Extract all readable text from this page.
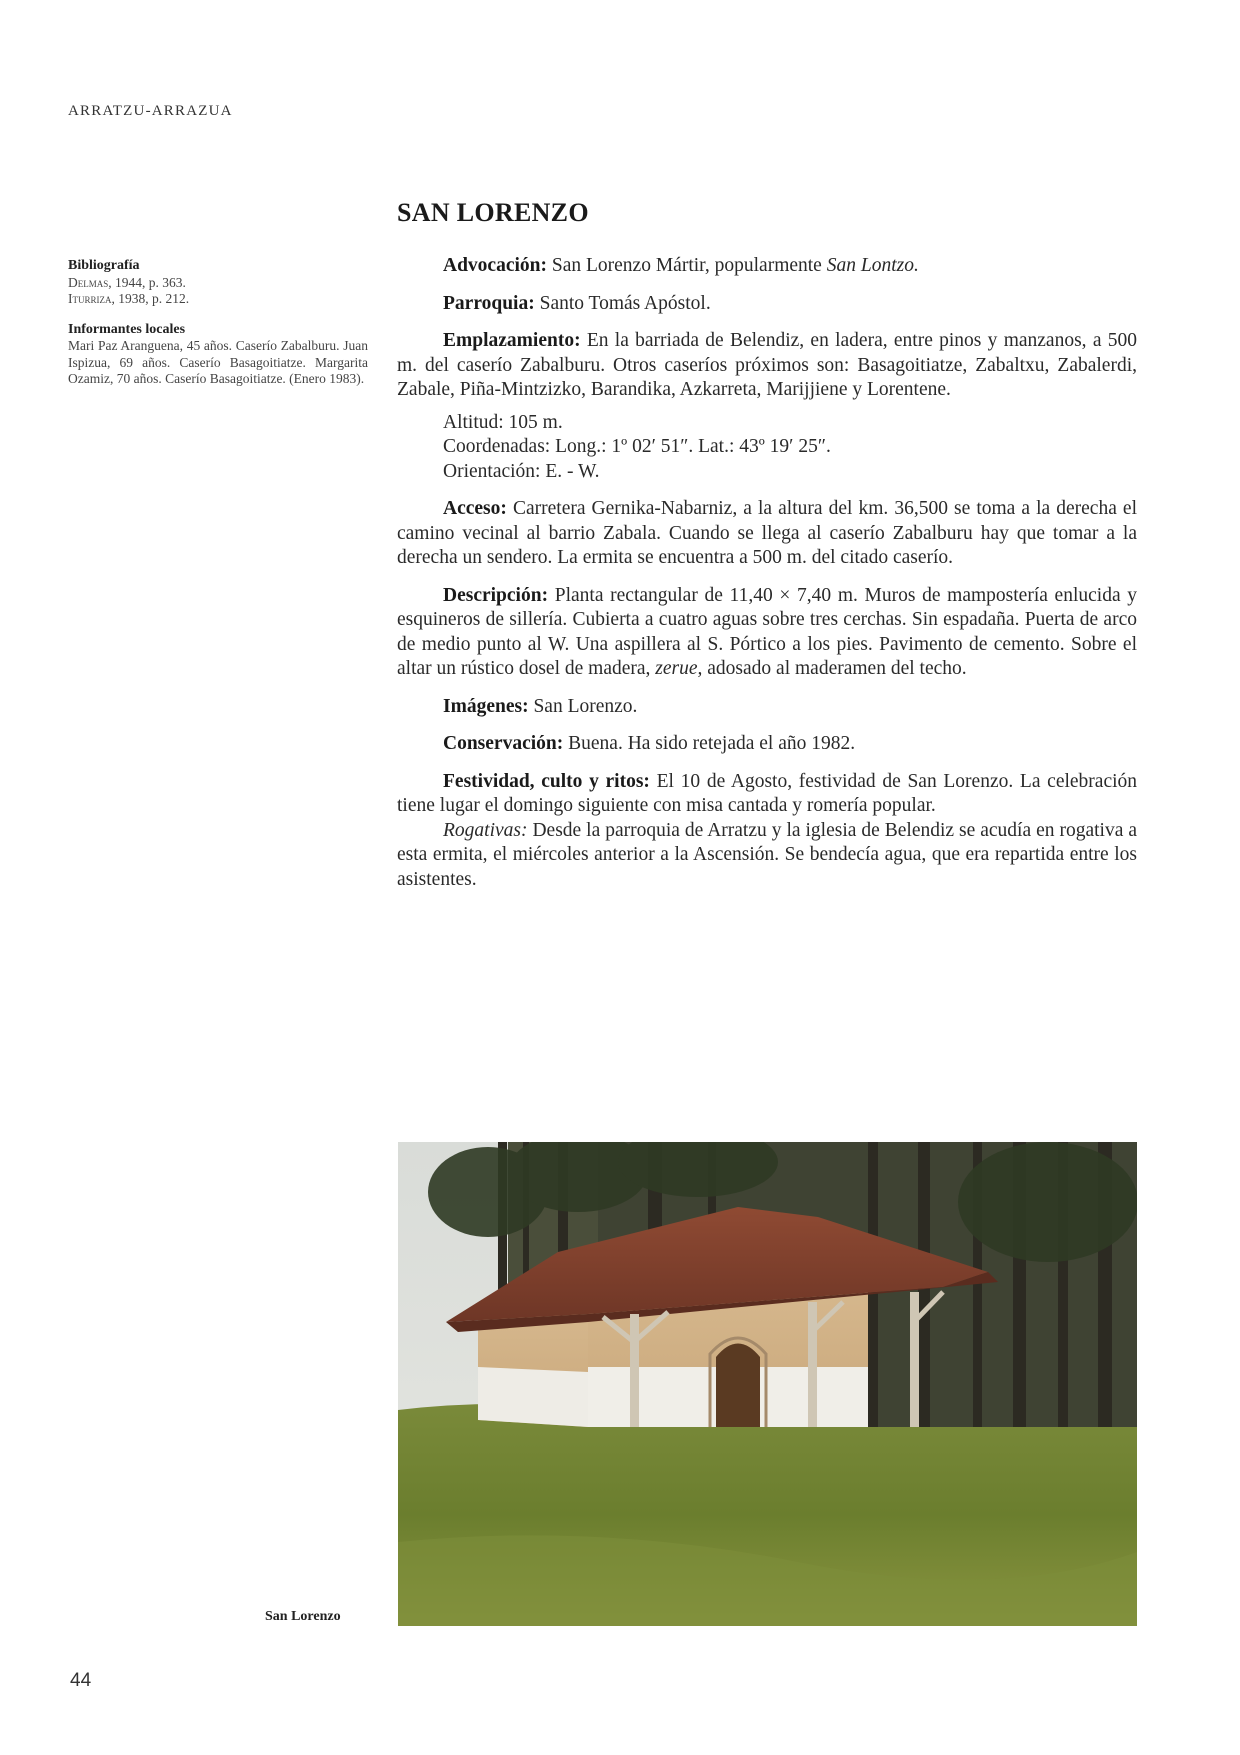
ARRATZU-ARRAZUA
Bibliografía
Delmas, 1944, p. 363.
Iturriza, 1938, p. 212.
Informantes locales
Mari Paz Aranguena, 45 años. Caserío Zabalburu. Juan Ispizua, 69 años. Caserío Basagoitiatze. Margarita Ozamiz, 70 años. Caserío Basagoitiatze. (Enero 1983).
SAN LORENZO

Advocación: San Lorenzo Mártir, popularmente San Lontzo.

Parroquia: Santo Tomás Apóstol.

Emplazamiento: En la barriada de Belendiz, en ladera, entre pinos y manzanos, a 500 m. del caserío Zabalburu. Otros caseríos próximos son: Basagoitiatze, Zabaltxu, Zabalerdi, Zabale, Piña-Mintzizko, Barandika, Azkarreta, Marijjiene y Lorentene.

Altitud: 105 m.
Coordenadas: Long.: 1º 02′ 51″. Lat.: 43º 19′ 25″.
Orientación: E. - W.

Acceso: Carretera Gernika-Nabarniz, a la altura del km. 36,500 se toma a la derecha el camino vecinal al barrio Zabala. Cuando se llega al caserío Zabalburu hay que tomar a la derecha un sendero. La ermita se encuentra a 500 m. del citado caserío.

Descripción: Planta rectangular de 11,40 × 7,40 m. Muros de mampostería enlucida y esquineros de sillería. Cubierta a cuatro aguas sobre tres cerchas. Sin espadaña. Puerta de arco de medio punto al W. Una aspillera al S. Pórtico a los pies. Pavimento de cemento. Sobre el altar un rústico dosel de madera, zerue, adosado al maderamen del techo.

Imágenes: San Lorenzo.

Conservación: Buena. Ha sido retejada el año 1982.

Festividad, culto y ritos: El 10 de Agosto, festividad de San Lorenzo. La celebración tiene lugar el domingo siguiente con misa cantada y romería popular.

Rogativas: Desde la parroquia de Arratzu y la iglesia de Belendiz se acudía en rogativa a esta ermita, el miércoles anterior a la Ascensión. Se bendecía agua, que era repartida entre los asistentes.

San Lorenzo
44
